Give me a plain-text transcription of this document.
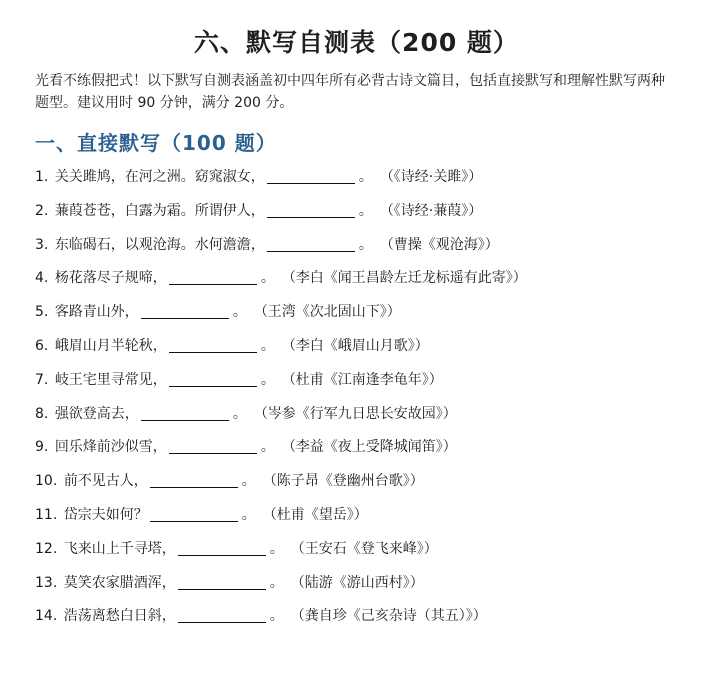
六、默写自测表（200 题）
光看不练假把式！以下默写自测表涵盖初中四年所有必背古诗文篇目，包括直接默写和理解性默写两种题型。建议用时 90 分钟，满分 200 分。
一、直接默写（100 题）
1. 关关雎鸠，在河之洲。窈窕淑女，	。 （《诗经·关雎》）
2. 蒹葭苍苍，白露为霜。所谓伊人，	。 （《诗经·蒹葭》）
3. 东临碣石，以观沧海。水何澹澹，	。 （曹操《观沧海》）
4. 杨花落尽子规啼，	。 （李白《闻王昌龄左迁龙标遥有此寄》）
5. 客路青山外，	。 （王湾《次北固山下》）
6. 峨眉山月半轮秋，	。 （李白《峨眉山月歌》）
7. 岐王宅里寻常见，	。 （杜甫《江南逢李龟年》）
8. 强欲登高去，	。 （岑参《行军九日思长安故园》）
9. 回乐烽前沙似雪，	。 （李益《夜上受降城闻笛》）
10. 前不见古人，	。 （陈子昂《登幽州台歌》）
11. 岱宗夫如何？	。 （杜甫《望岳》）
12. 飞来山上千寻塔，	。 （王安石《登飞来峰》）
13. 莫笑农家腊酒浑，	。 （陆游《游山西村》）
14. 浩荡离愁白日斜，	。 （龚自珍《己亥杂诗（其五）》）
